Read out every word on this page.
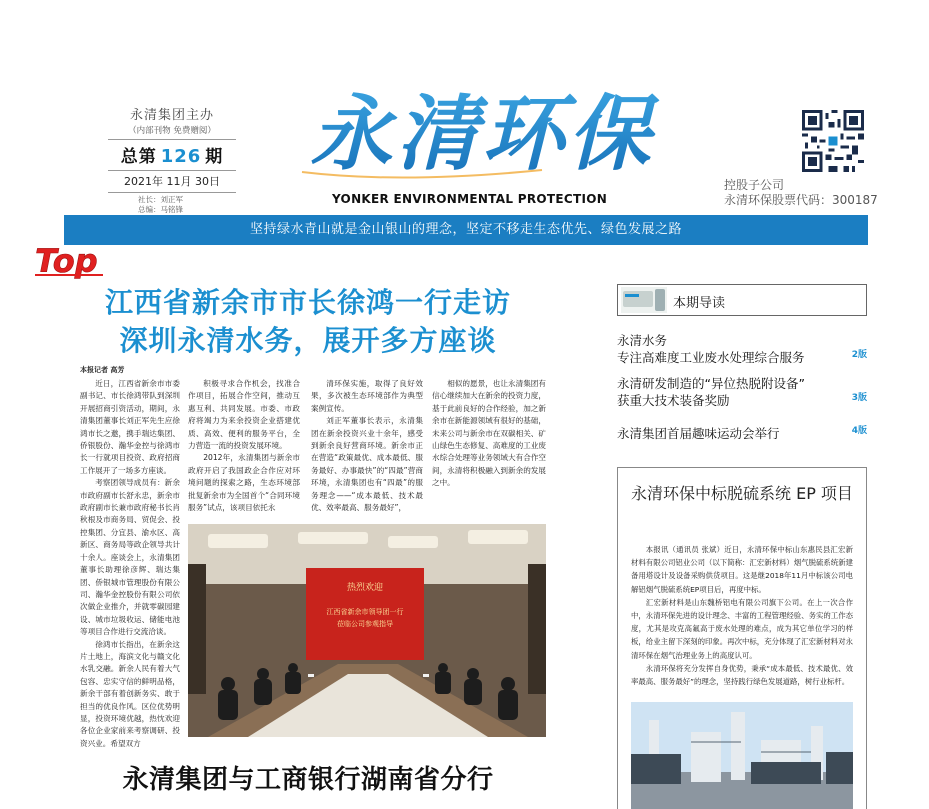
永清集团主办
（内部刊物 免费赠阅）
总第 126 期
2021年 11月 30日
社长：刘正军
总编：马铭锋
永清环保
YONKER ENVIRONMENTAL PROTECTION
控股子公司
永清环保股票代码：300187
坚持绿水青山就是金山银山的理念，坚定不移走生态优先、绿色发展之路
Top
江西省新余市市长徐鸿一行走访
深圳永清水务，展开多方座谈
本报记者 高芳

近日，江西省新余市市委副书记、市长徐鸿带队到深圳开展招商引资活动，期间，永清集团董事长刘正军先生应徐鸿市长之邀，携手瑞达集团、侨银股份、瀚华金控与徐鸿市长一行就项目投资、政府招商工作展开了一场多方座谈。

考察团领导成员有：新余市政府副市长舒永忠，新余市政府副市长兼市政府秘书长肖秋根及市商务局、贸促会、投控集团、分宜县、渝水区、高新区、商务局等政企领导共计十余人。座谈会上，永清集团董事长助理徐彦辉、瑞达集团、侨银城市管理股份有限公司、瀚华金控股份有限公司依次做企业推介，并就零碳园建设、城市垃圾收运、储能电池等项目合作进行交流洽谈。

徐鸿市长指出，在新余这片土地上，海滨文化与赣文化水乳交融。新余人民有着大气包容、忠实守信的鲜明品格，新余干部有着创新务实、敢于担当的优良作风。区位优势明显，投资环境优越，热忱欢迎各位企业家前来考察调研、投资兴业。希望双方

积极寻求合作机会，找准合作项目，拓展合作空间，推动互惠互利、共同发展。市委、市政府将竭力为来余投资企业搭建优质、高效、便利的服务平台，全力营造一流的投资发展环境。

2012年，永清集团与新余市政府开启了我国政企合作应对环境问题的探索之路，生态环境部批复新余市为全国首个“合同环境服务”试点，该项目依托永

清环保实施，取得了良好效果，多次被生态环境部作为典型案例宣传。

刘正军董事长表示，永清集团在新余投资兴业十余年，感受到新余良好营商环境。新余市正在营造“政策最优、成本最低、服务最好、办事最快”的“四最”营商环境，永清集团也有“四最”的服务理念——“成本最低、技术最优、效率最高、服务最好”，

相似的愿景，也让永清集团有信心继续加大在新余的投资力度，基于此前良好的合作经验，加之新余市在新能源领域有很好的基础，未来公司与新余市在双碳相关、矿山绿色生态修复、高难度的工业废水综合处理等业务领域大有合作空间，永清将积极融入到新余的发展之中。

热烈欢迎
江西省新余市领导团一行
莅临公司参观指导
永清集团与工商银行湖南省分行
本期导读
永清水务
专注高难度工业废水处理综合服务	2版
永清研发制造的“异位热脱附设备”
获重大技术装备奖励	3版
永清集团首届趣味运动会举行	4版
永清环保中标脱硫系统 EP 项目

本报讯（通讯员 张斌）近日，永清环保中标山东惠民县汇宏新材料有限公司铝业公司（以下简称：汇宏新材料）烟气脱硫系统新建备用塔设计及设备采购供货项目。这是继2018年11月中标该公司电解铝烟气脱硫系统EP项目后，再度中标。

汇宏新材料是山东魏桥铝电有限公司旗下公司。在上一次合作中，永清环保先进的设计理念、丰富的工程管理经验、务实的工作态度，尤其是攻克高氟高于废水处理的难点，成为其它单位学习的样板，给业主留下深刻的印象。再次中标，充分体现了汇宏新材料对永清环保在烟气治理业务上的高度认可。

永清环保将充分发挥自身优势，秉承“成本最低、技术最优、效率最高、服务最好”的理念，坚持践行绿色发展道路，树行业标杆。
